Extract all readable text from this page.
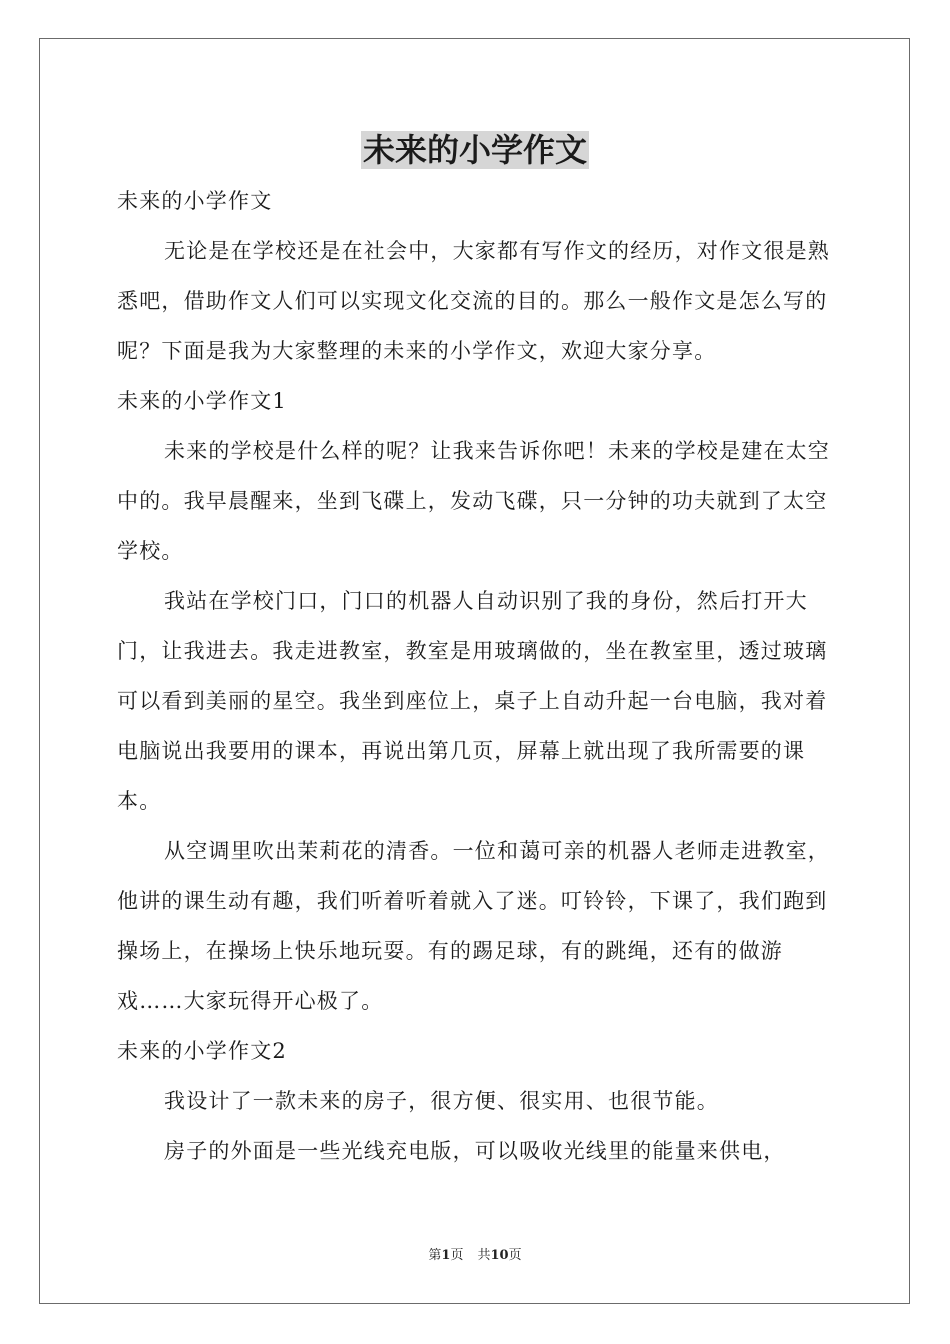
未来的小学作文

未来的小学作文

无论是在学校还是在社会中，大家都有写作文的经历，对作文很是熟悉吧，借助作文人们可以实现文化交流的目的。那么一般作文是怎么写的呢？下面是我为大家整理的未来的小学作文，欢迎大家分享。

未来的小学作文1

未来的学校是什么样的呢？让我来告诉你吧！未来的学校是建在太空中的。我早晨醒来，坐到飞碟上，发动飞碟，只一分钟的功夫就到了太空学校。

我站在学校门口，门口的机器人自动识别了我的身份，然后打开大门，让我进去。我走进教室，教室是用玻璃做的，坐在教室里，透过玻璃可以看到美丽的星空。我坐到座位上，桌子上自动升起一台电脑，我对着电脑说出我要用的课本，再说出第几页，屏幕上就出现了我所需要的课本。

从空调里吹出茉莉花的清香。一位和蔼可亲的机器人老师走进教室，他讲的课生动有趣，我们听着听着就入了迷。叮铃铃，下课了，我们跑到操场上，在操场上快乐地玩耍。有的踢足球，有的跳绳，还有的做游戏……大家玩得开心极了。

未来的小学作文2

我设计了一款未来的房子，很方便、很实用、也很节能。

房子的外面是一些光线充电版，可以吸收光线里的能量来供电，

第1页 共10页
